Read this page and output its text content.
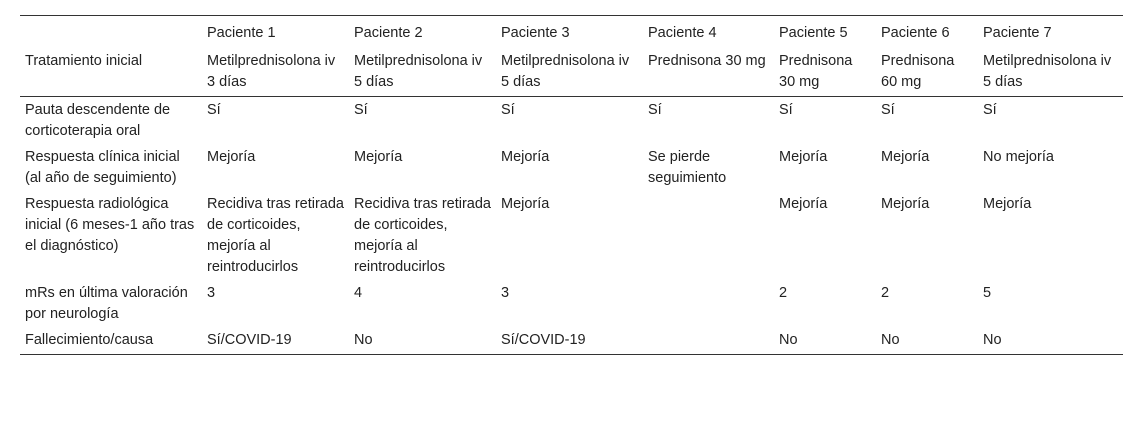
	Paciente 1	Paciente 2	Paciente 3	Paciente 4	Paciente 5	Paciente 6	Paciente 7
Tratamiento inicial	Metilprednisolona iv 3 días	Metilprednisolona iv 5 días	Metilprednisolona iv 5 días	Prednisona 30 mg	Prednisona 30 mg	Prednisona 60 mg	Metilprednisolona iv 5 días
Pauta descendente de corticoterapia oral	Sí	Sí	Sí	Sí	Sí	Sí	Sí
Respuesta clínica inicial (al año de seguimiento)	Mejoría	Mejoría	Mejoría	Se pierde seguimiento	Mejoría	Mejoría	No mejoría
Respuesta radiológica inicial (6 meses-1 año tras el diagnóstico)	Recidiva tras retirada de corticoides, mejoría al reintroducirlos	Recidiva tras retirada de corticoides, mejoría al reintroducirlos	Mejoría		Mejoría	Mejoría	Mejoría
mRs en última valoración por neurología	3	4	3		2	2	5
Fallecimiento/causa	Sí/COVID-19	No	Sí/COVID-19		No	No	No
